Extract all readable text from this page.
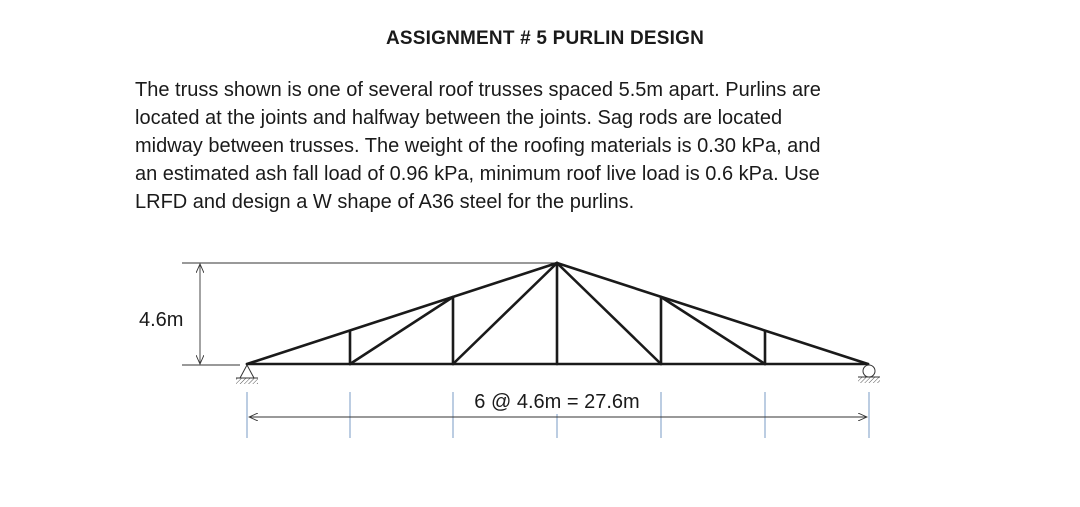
ASSIGNMENT # 5 PURLIN DESIGN

The truss shown is one of several roof trusses spaced 5.5m apart. Purlins are

located at the joints and halfway between the joints. Sag rods are located

midway between trusses. The weight of the roofing materials is 0.30 kPa, and

an estimated ash fall load of 0.96 kPa, minimum roof live load is 0.6 kPa. Use

LRFD and design a W shape of A36 steel for the purlins.

4.6m
6 @ 4.6m = 27.6m
